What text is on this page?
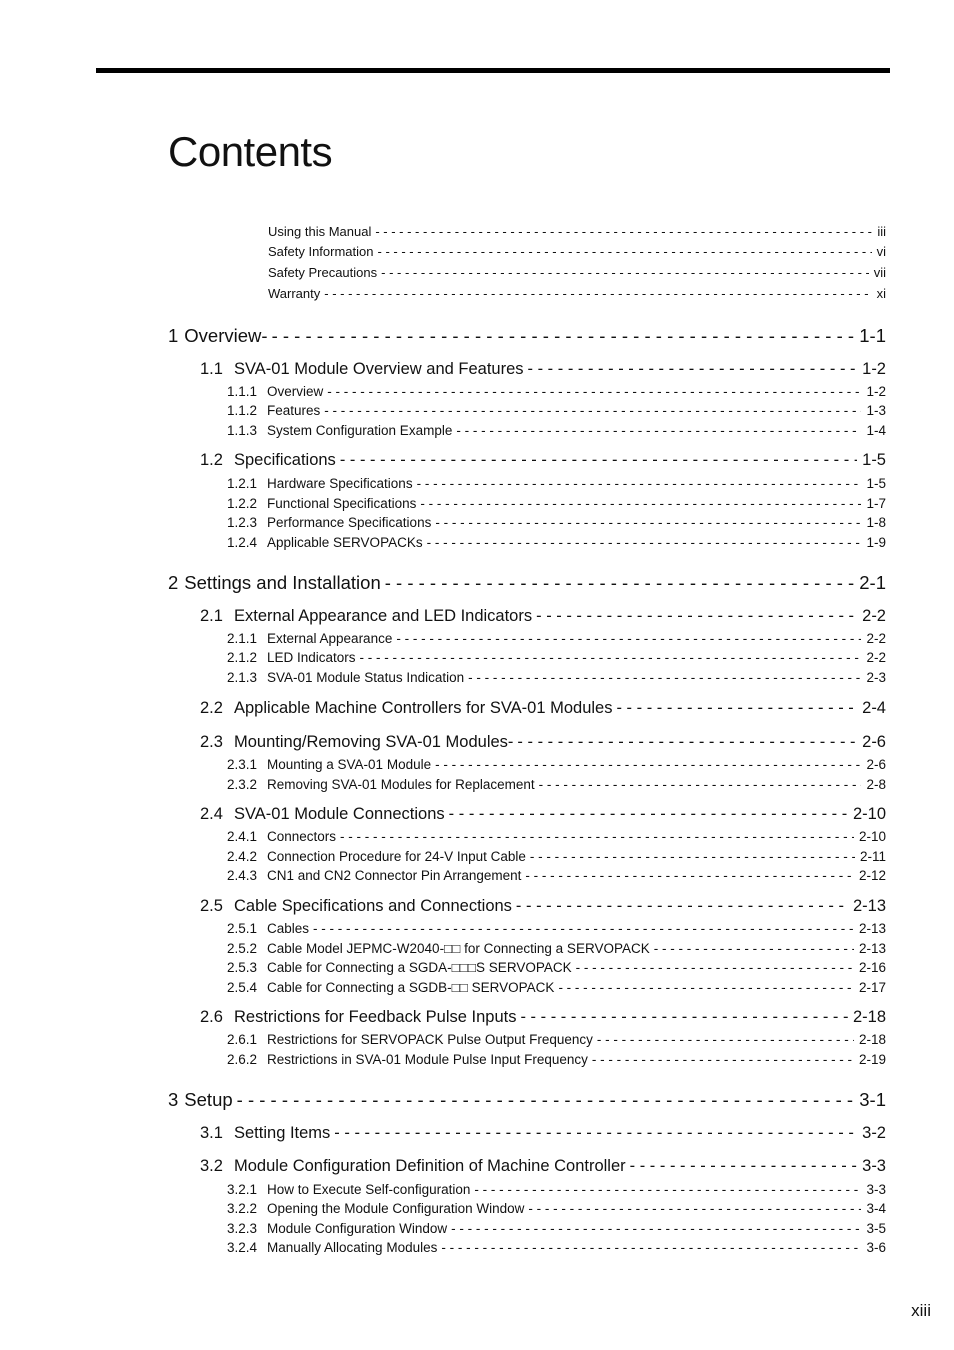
Contents
Using this Manual - - -	iii
Safety Information - - -	vi
Safety Precautions - - -	vii
Warranty - - -	xi
1 Overview- - - -	1-1
1.1 SVA-01 Module Overview and Features - - -	1-2
1.1.1 Overview - - -	1-2
1.1.2 Features - - -	1-3
1.1.3 System Configuration Example - - -	1-4
1.2 Specifications - - -	1-5
1.2.1 Hardware Specifications - - -	1-5
1.2.2 Functional Specifications - - -	1-7
1.2.3 Performance Specifications - - -	1-8
1.2.4 Applicable SERVOPACKs - - -	1-9
2 Settings and Installation - - -	2-1
2.1 External Appearance and LED Indicators - - -	2-2
2.1.1 External Appearance - - -	2-2
2.1.2 LED Indicators - - -	2-2
2.1.3 SVA-01 Module Status Indication - - -	2-3
2.2 Applicable Machine Controllers for SVA-01 Modules - - -	2-4
2.3 Mounting/Removing SVA-01 Modules- - - -	2-6
2.3.1 Mounting a SVA-01 Module - - -	2-6
2.3.2 Removing SVA-01 Modules for Replacement - - -	2-8
2.4 SVA-01 Module Connections - - -	2-10
2.4.1 Connectors - - -	2-10
2.4.2 Connection Procedure for 24-V Input Cable - - -	2-11
2.4.3 CN1 and CN2 Connector Pin Arrangement - - -	2-12
2.5 Cable Specifications and Connections - - -	2-13
2.5.1 Cables - - -	2-13
2.5.2 Cable Model JEPMC-W2040-□□ for Connecting a SERVOPACK - - -	2-13
2.5.3 Cable for Connecting a SGDA-□□□S SERVOPACK - - -	2-16
2.5.4 Cable for Connecting a SGDB-□□ SERVOPACK - - -	2-17
2.6 Restrictions for Feedback Pulse Inputs - - -	2-18
2.6.1 Restrictions for SERVOPACK Pulse Output Frequency - - -	2-18
2.6.2 Restrictions in SVA-01 Module Pulse Input Frequency - - -	2-19
3 Setup - - -	3-1
3.1 Setting Items - - -	3-2
3.2 Module Configuration Definition of Machine Controller - - -	3-3
3.2.1 How to Execute Self-configuration - - -	3-3
3.2.2 Opening the Module Configuration Window - - -	3-4
3.2.3 Module Configuration Window - - -	3-5
3.2.4 Manually Allocating Modules - - -	3-6
xiii
